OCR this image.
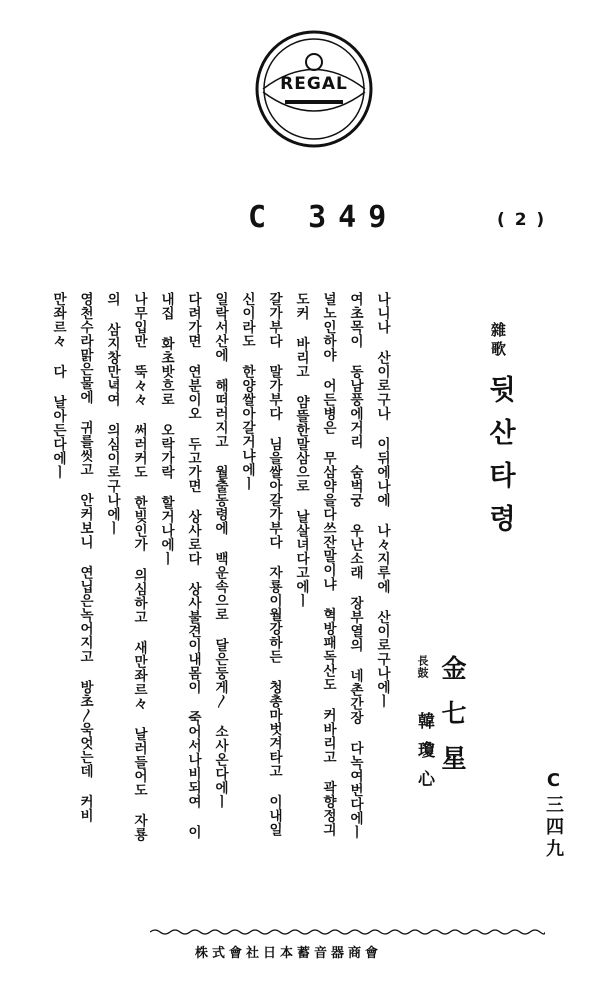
REGAL
C 349	( 2 )
나니나 산이로구나 이뒤에나에 나々지루에 산이로구나에ㅣ
여초목이 동남풍에거리 숨벅궁 우난소래 장부열의 네촌간장 다녹여번다에ㅣ
널노인하야 어든병은 무삼약을다쓰잔말이냐 혁방패독산도 커바리고 곽향정긔
도커 바리고 얌뜰한말삼으로 날살녀다고에ㅣ
갈가부다 말가부다 님을쌀아갈가부다 자룡이월강하든 청총마벗겨타고 이내일
신이라도 한양쌀아갈거냐에ㅣ
일락서산에 해떠러지고 월출동령에 백운속으로 달은둥게〳 소사온다에ㅣ
다려가면 연분이오 두고가면 상사로다 상사불견이내몸이 죽어서나비되여 이
내집 화초밧흐로 오락가락 할거나에ㅣ
나무입만 뚝々々 써러커도 한빚인가 의심하고 새만좌르々 날러들어도 자룡
의 삼지창만녁여 의심이로구나에ㅣ
영천수라맑은물에 귀를씻고 안커보니 연닙은녹어지고 방초〳욱엇는데 커비
만좌르々 다 날아든다에ㅣ	雜歌
뒷산타령
金七星
長鼓
韓瓊心
C三四九
株式會社日本蓄音器商會
